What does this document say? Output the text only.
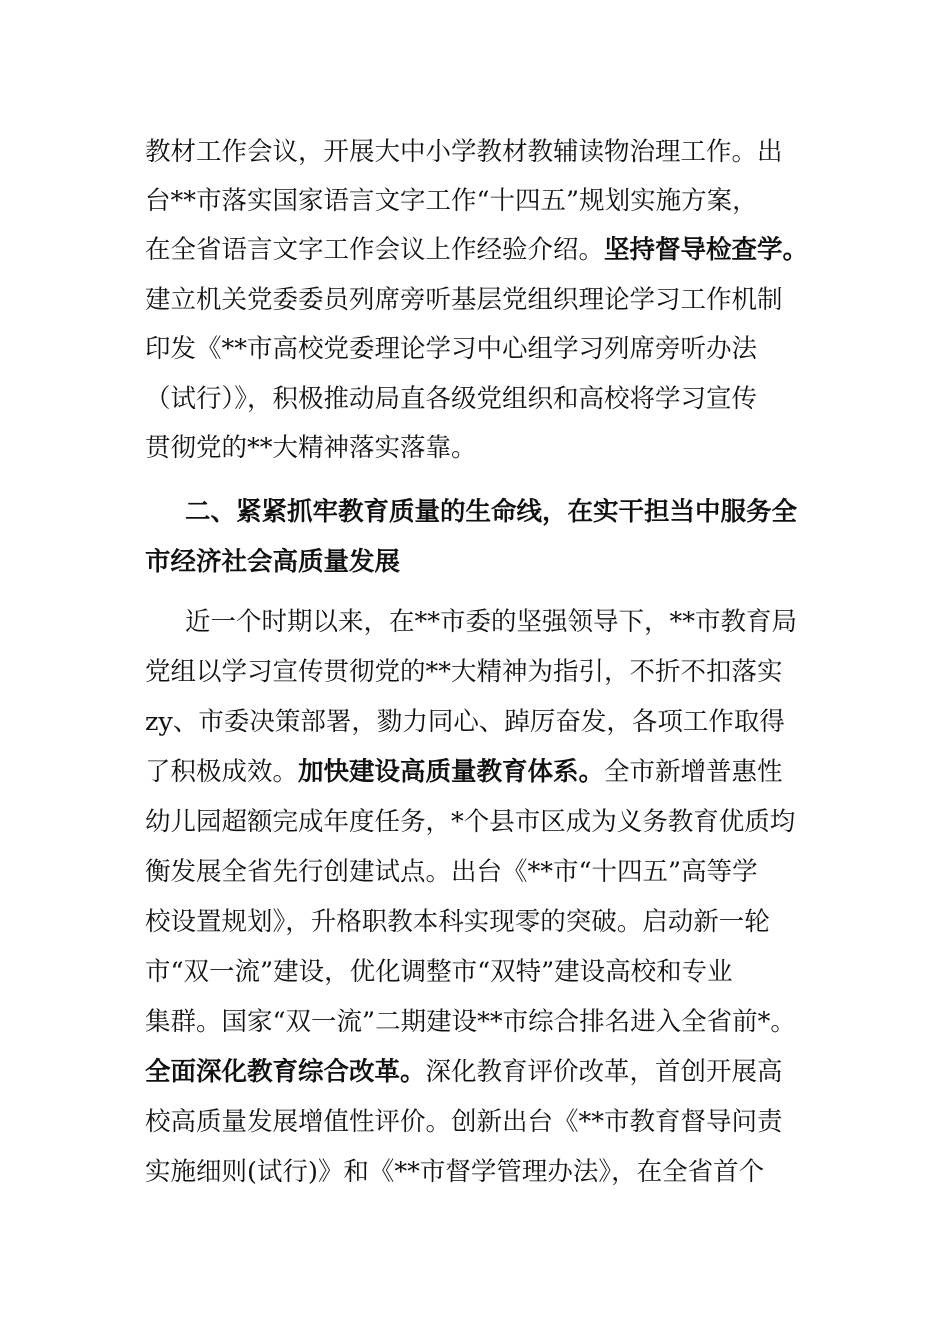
教材工作会议，开展大中小学教材教辅读物治理工作。出
台**市落实国家语言文字工作“十四五”规划实施方案，
在全省语言文字工作会议上作经验介绍。坚持督导检查学。
建立机关党委委员列席旁听基层党组织理论学习工作机制
印发《**市高校党委理论学习中心组学习列席旁听办法
（试行）》，积极推动局直各级党组织和高校将学习宣传
贯彻党的**大精神落实落靠。
二、紧紧抓牢教育质量的生命线，在实干担当中服务全
市经济社会高质量发展
近一个时期以来，在**市委的坚强领导下，**市教育局
党组以学习宣传贯彻党的**大精神为指引，不折不扣落实
zy、市委决策部署，勠力同心、踔厉奋发，各项工作取得
了积极成效。加快建设高质量教育体系。全市新增普惠性
幼儿园超额完成年度任务，*个县市区成为义务教育优质均
衡发展全省先行创建试点。出台《**市“十四五”高等学
校设置规划》，升格职教本科实现零的突破。启动新一轮
市“双一流”建设，优化调整市“双特”建设高校和专业
集群。国家“双一流”二期建设**市综合排名进入全省前*。
全面深化教育综合改革。深化教育评价改革，首创开展高
校高质量发展增值性评价。创新出台《**市教育督导问责
实施细则(试行)》和《**市督学管理办法》，在全省首个
